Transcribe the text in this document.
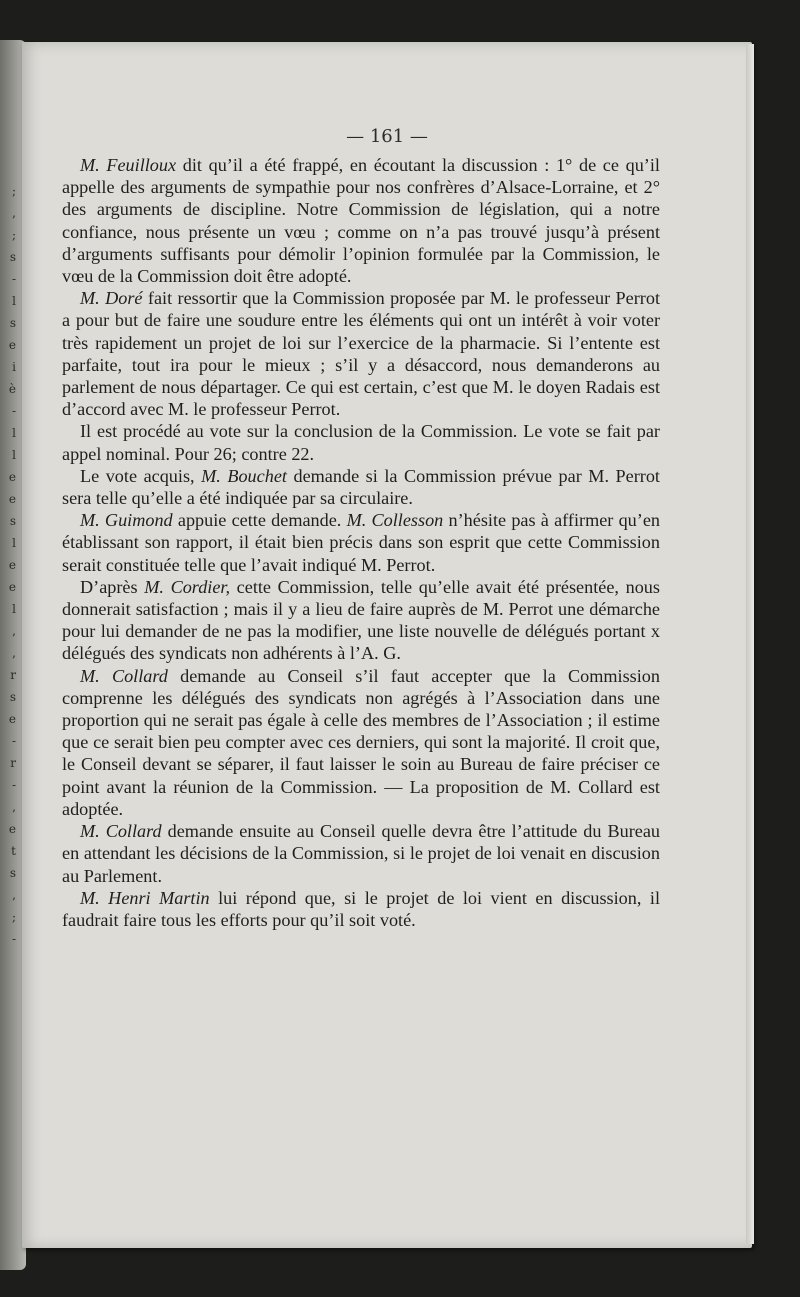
;
,
;
s
-
l
s
e
i
è
-
l
l
e
e
s
l
e
e
l
,
,
r
s
e
-
r
-
,
e
t
s
,
;
-
— 161 —

M. Feuilloux dit qu’il a été frappé, en écoutant la discussion : 1° de ce qu’il appelle des arguments de sympathie pour nos confrères d’Alsace-Lorraine, et 2° des arguments de discipline. Notre Commission de législation, qui a notre confiance, nous présente un vœu ; comme on n’a pas trouvé jusqu’à présent d’arguments suffisants pour démolir l’opinion formulée par la Commission, le vœu de la Commission doit être adopté.

M. Doré fait ressortir que la Commission proposée par M. le professeur Perrot a pour but de faire une soudure entre les éléments qui ont un intérêt à voir voter très rapidement un projet de loi sur l’exercice de la pharmacie. Si l’entente est parfaite, tout ira pour le mieux ; s’il y a désaccord, nous demanderons au parlement de nous départager. Ce qui est certain, c’est que M. le doyen Radais est d’accord avec M. le professeur Perrot.

Il est procédé au vote sur la conclusion de la Commission. Le vote se fait par appel nominal. Pour 26; contre 22.

Le vote acquis, M. Bouchet demande si la Commission prévue par M. Perrot sera telle qu’elle a été indiquée par sa circulaire.

M. Guimond appuie cette demande. M. Collesson n’hésite pas à affirmer qu’en établissant son rapport, il était bien précis dans son esprit que cette Commission serait constituée telle que l’avait indiqué M. Perrot.

D’après M. Cordier, cette Commission, telle qu’elle avait été présentée, nous donnerait satisfaction ; mais il y a lieu de faire auprès de M. Perrot une démarche pour lui demander de ne pas la modifier, une liste nouvelle de délégués portant x délégués des syndicats non adhérents à l’A. G.

M. Collard demande au Conseil s’il faut accepter que la Commission comprenne les délégués des syndicats non agrégés à l’Association dans une proportion qui ne serait pas égale à celle des membres de l’Association ; il estime que ce serait bien peu compter avec ces derniers, qui sont la majorité. Il croit que, le Conseil devant se séparer, il faut laisser le soin au Bureau de faire préciser ce point avant la réunion de la Commission. — La proposition de M. Collard est adoptée.

M. Collard demande ensuite au Conseil quelle devra être l’attitude du Bureau en attendant les décisions de la Commission, si le projet de loi venait en discusion au Parlement.

M. Henri Martin lui répond que, si le projet de loi vient en discussion, il faudrait faire tous les efforts pour qu’il soit voté.
